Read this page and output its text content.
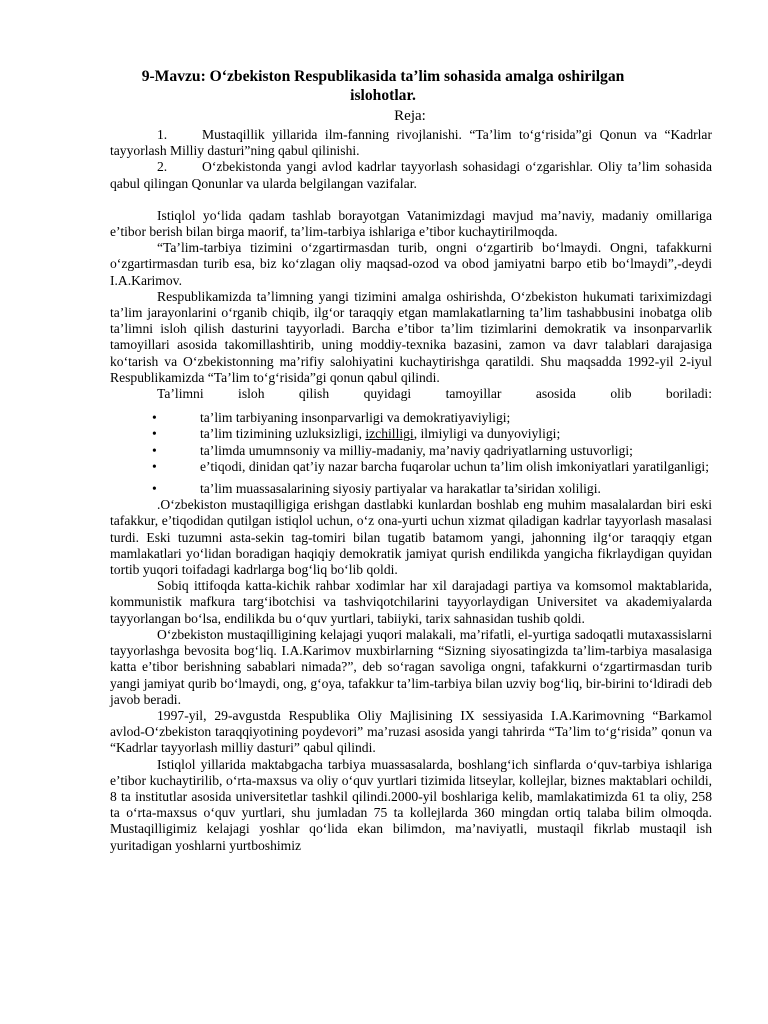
9-Mavzu: O‘zbekiston Respublikasida ta’lim sohasida amalga oshirilgan islohotlar.
Reja:

1.	Mustaqillik yillarida ilm-fanning rivojlanishi. “Ta’lim to‘g‘risida”gi Qonun va “Kadrlar tayyorlash Milliy dasturi”ning qabul qilinishi.

2.	O‘zbekistonda yangi avlod kadrlar tayyorlash sohasidagi o‘zgarishlar. Oliy ta’lim sohasida qabul qilingan Qonunlar va ularda belgilangan vazifalar.

Istiqlol yo‘lida qadam tashlab borayotgan Vatanimizdagi mavjud ma’naviy, madaniy omillariga e’tibor berish bilan birga maorif, ta’lim-tarbiya ishlariga e’tibor kuchaytirilmoqda.

“Ta’lim-tarbiya tizimini o‘zgartirmasdan turib, ongni o‘zgartirib bo‘lmaydi. Ongni, tafakkurni o‘zgartirmasdan turib esa, biz ko‘zlagan oliy maqsad-ozod va obod jamiyatni barpo etib bo‘lmaydi”,-deydi I.A.Karimov.

Respublikamizda ta’limning yangi tizimini amalga oshirishda, O‘zbekiston hukumati tariximizdagi ta’lim jarayonlarini o‘rganib chiqib, ilg‘or taraqqiy etgan mamlakatlarning ta’lim tashabbusini inobatga olib ta’limni isloh qilish dasturini tayyorladi. Barcha e’tibor ta’lim tizimlarini demokratik va insonparvarlik tamoyillari asosida takomillashtirib, uning moddiy-texnika bazasini, zamon va davr talablari darajasiga ko‘tarish va O‘zbekistonning ma’rifiy salohiyatini kuchaytirishga qaratildi. Shu maqsadda 1992-yil 2-iyul Respublikamizda “Ta’lim to‘g‘risida”gi qonun qabul qilindi.

Ta’limni isloh qilish quyidagi tamoyillar asosida olib boriladi:

•	ta’lim tarbiyaning insonparvarligi va demokratiyaviyligi;

•	ta’lim tizimining uzluksizligi, izchilligi, ilmiyligi va dunyoviyligi;

•	ta’limda umumnsoniy va milliy-madaniy, ma’naviy qadriyatlarning ustuvorligi;

•	e’tiqodi, dinidan qat’iy nazar barcha fuqarolar uchun ta’lim olish imkoniyatlari yaratilganligi;

•	ta’lim muassasalarining siyosiy partiyalar va harakatlar ta’siridan xoliligi.

.O‘zbekiston mustaqilligiga erishgan dastlabki kunlardan boshlab eng muhim masalalardan biri eski tafakkur, e’tiqodidan qutilgan istiqlol uchun, o‘z ona-yurti uchun xizmat qiladigan kadrlar tayyorlash masalasi turdi. Eski tuzumni asta-sekin tag-tomiri bilan tugatib batamom yangi, jahonning ilg‘or taraqqiy etgan mamlakatlari yo‘lidan boradigan haqiqiy demokratik jamiyat qurish endilikda yangicha fikrlaydigan quyidan tortib yuqori toifadagi kadrlarga bog‘liq bo‘lib qoldi.

Sobiq ittifoqda katta-kichik rahbar xodimlar har xil darajadagi partiya va komsomol maktablarida, kommunistik mafkura targ‘ibotchisi va tashviqotchilarini tayyorlaydigan Universitet va akademiyalarda tayyorlangan bo‘lsa, endilikda bu o‘quv yurtlari, tabiiyki, tarix sahnasidan tushib qoldi.

O‘zbekiston mustaqilligining kelajagi yuqori malakali, ma’rifatli, el-yurtiga sadoqatli mutaxassislarni tayyorlashga bevosita bog‘liq. I.A.Karimov muxbirlarning “Sizning siyosatingizda ta’lim-tarbiya masalasiga katta e’tibor berishning sabablari nimada?”, deb so‘ragan savoliga ongni, tafakkurni o‘zgartirmasdan turib yangi jamiyat qurib bo‘lmaydi, ong, g‘oya, tafakkur ta’lim-tarbiya bilan uzviy bog‘liq, bir-birini to‘ldiradi deb javob beradi.

1997-yil, 29-avgustda Respublika Oliy Majlisining IX sessiyasida I.A.Karimovning “Barkamol avlod-O‘zbekiston taraqqiyotining poydevori” ma’ruzasi asosida yangi tahrirda “Ta’lim to‘g‘risida” qonun va “Kadrlar tayyorlash milliy dasturi” qabul qilindi.

Istiqlol yillarida maktabgacha tarbiya muassasalarda, boshlang‘ich sinflarda o‘quv-tarbiya ishlariga e’tibor kuchaytirilib, o‘rta-maxsus va oliy o‘quv yurtlari tizimida litseylar, kollejlar, biznes maktablari ochildi, 8 ta institutlar asosida universitetlar tashkil qilindi.2000-yil boshlariga kelib, mamlakatimizda 61 ta oliy, 258 ta o‘rta-maxsus o‘quv yurtlari, shu jumladan 75 ta kollejlarda 360 mingdan ortiq talaba bilim olmoqda. Mustaqilligimiz kelajagi yoshlar qo‘lida ekan bilimdon, ma’naviyatli, mustaqil fikrlab mustaqil ish yuritadigan yoshlarni yurtboshimiz
